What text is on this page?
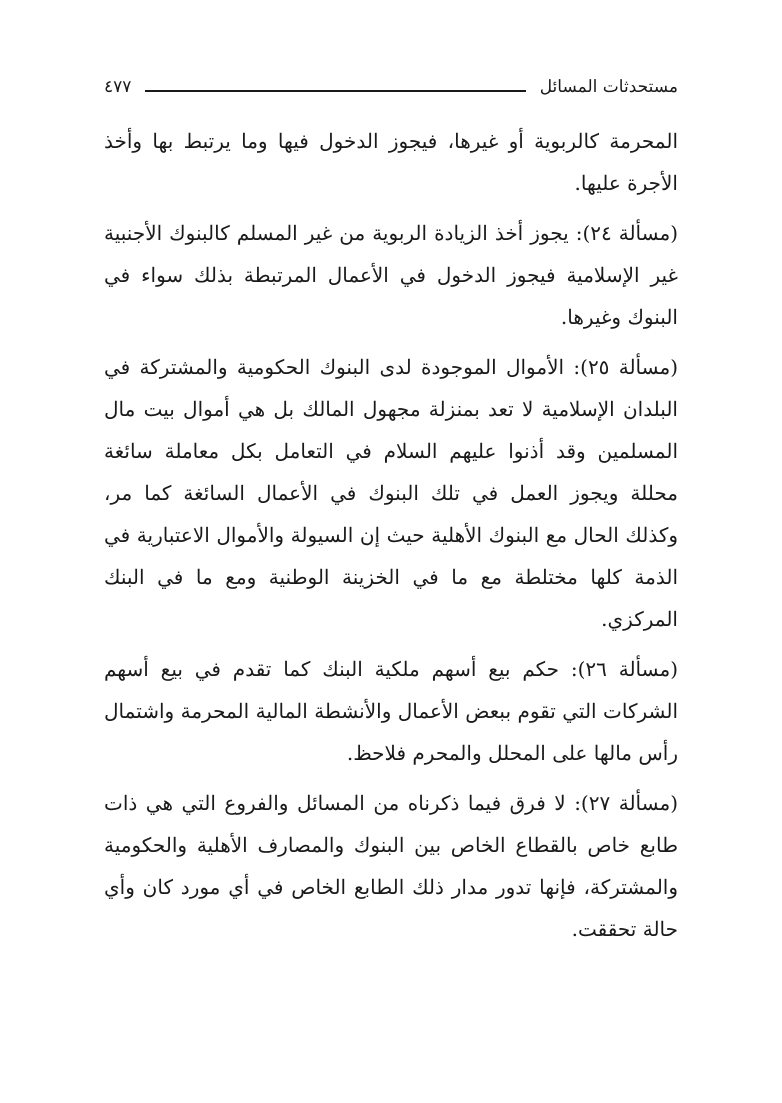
مستحدثات المسائل
٤٧٧

المحرمة كالربوية أو غيرها، فيجوز الدخول فيها وما يرتبط بها وأخذ الأجرة عليها.

(مسألة ٢٤): يجوز أخذ الزيادة الربوية من غير المسلم كالبنوك الأجنبية غير الإسلامية فيجوز الدخول في الأعمال المرتبطة بذلك سواء في البنوك وغيرها.

(مسألة ٢٥): الأموال الموجودة لدى البنوك الحكومية والمشتركة في البلدان الإسلامية لا تعد بمنزلة مجهول المالك بل هي أموال بيت مال المسلمين وقد أذنوا عليهم السلام في التعامل بكل معاملة سائغة محللة ويجوز العمل في تلك البنوك في الأعمال السائغة كما مر، وكذلك الحال مع البنوك الأهلية حيث إن السيولة والأموال الاعتبارية في الذمة كلها مختلطة مع ما في الخزينة الوطنية ومع ما في البنك المركزي.

(مسألة ٢٦): حكم بيع أسهم ملكية البنك كما تقدم في بيع أسهم الشركات التي تقوم ببعض الأعمال والأنشطة المالية المحرمة واشتمال رأس مالها على المحلل والمحرم فلاحظ.

(مسألة ٢٧): لا فرق فيما ذكرناه من المسائل والفروع التي هي ذات طابع خاص بالقطاع الخاص بين البنوك والمصارف الأهلية والحكومية والمشتركة، فإنها تدور مدار ذلك الطابع الخاص في أي مورد كان وأي حالة تحققت.
